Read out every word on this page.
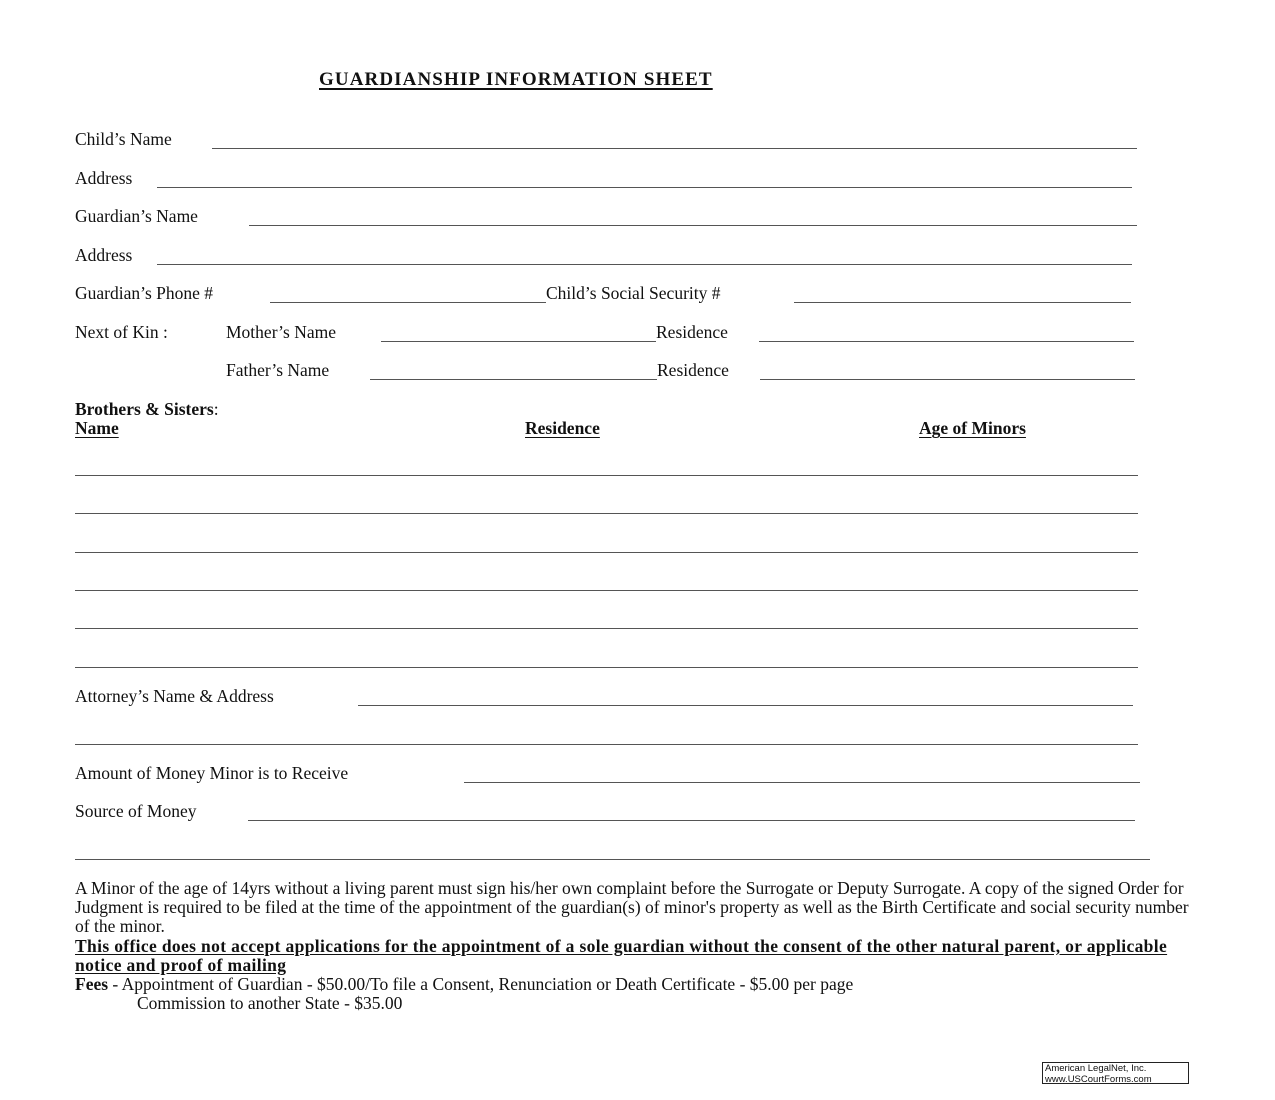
GUARDIANSHIP INFORMATION SHEET
Child’s Name
Address
Guardian’s Name
Address
Guardian’s Phone #	Child’s Social Security #
Next of Kin :	Mother’s Name	Residence
Father’s Name	Residence
Brothers & Sisters:
Name	Residence	Age of Minors
Attorney’s Name & Address
Amount of Money Minor is to Receive
Source of Money
A Minor of the age of 14yrs without a living parent must sign his/her own complaint before the Surrogate or Deputy Surrogate. A copy of the signed Order for Judgment is required to be filed at the time of the appointment of the guardian(s) of minor's property as well as the Birth Certificate and social security number of the minor.
This office does not accept applications for the appointment of a sole guardian without the consent of the other natural parent, or applicable notice and proof of mailing
Fees - Appointment of Guardian - $50.00/To file a Consent, Renunciation or Death Certificate - $5.00 per page
Commission to another State - $35.00
American LegalNet, Inc.
www.USCourtForms.com
